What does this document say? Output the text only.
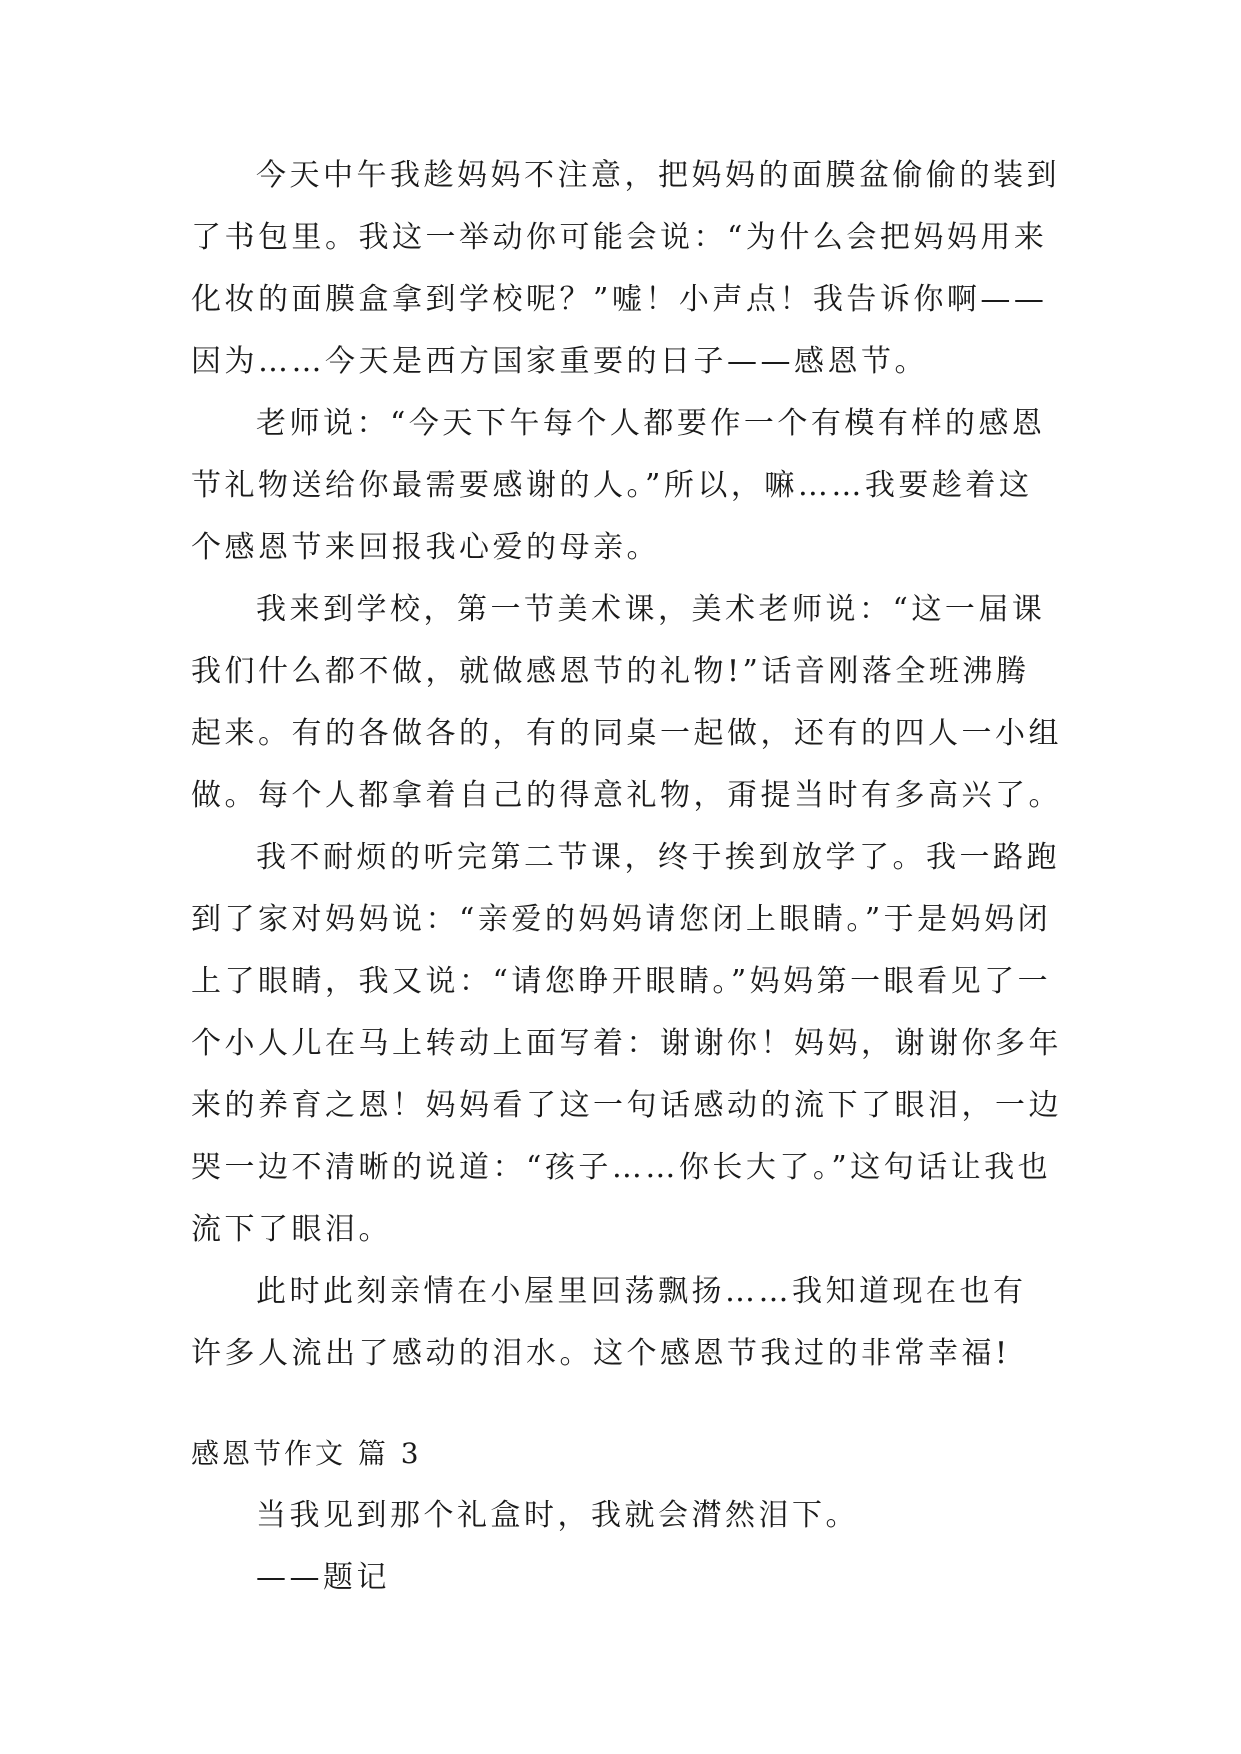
今天中午我趁妈妈不注意，把妈妈的面膜盆偷偷的装到
了书包里。我这一举动你可能会说：“为什么会把妈妈用来
化妆的面膜盒拿到学校呢？”嘘！小声点！我告诉你啊——
因为……今天是西方国家重要的日子——感恩节。
老师说：“今天下午每个人都要作一个有模有样的感恩
节礼物送给你最需要感谢的人。”所以，嘛……我要趁着这
个感恩节来回报我心爱的母亲。
我来到学校，第一节美术课，美术老师说：“这一届课
我们什么都不做，就做感恩节的礼物!”话音刚落全班沸腾
起来。有的各做各的，有的同桌一起做，还有的四人一小组
做。每个人都拿着自己的得意礼物，甭提当时有多高兴了。
我不耐烦的听完第二节课，终于挨到放学了。我一路跑
到了家对妈妈说：“亲爱的妈妈请您闭上眼睛。”于是妈妈闭
上了眼睛，我又说：“请您睁开眼睛。”妈妈第一眼看见了一
个小人儿在马上转动上面写着：谢谢你！妈妈，谢谢你多年
来的养育之恩！妈妈看了这一句话感动的流下了眼泪，一边
哭一边不清晰的说道：“孩子……你长大了。”这句话让我也
流下了眼泪。
此时此刻亲情在小屋里回荡飘扬……我知道现在也有
许多人流出了感动的泪水。这个感恩节我过的非常幸福!
感恩节作文 篇 3
当我见到那个礼盒时，我就会潸然泪下。
——题记
